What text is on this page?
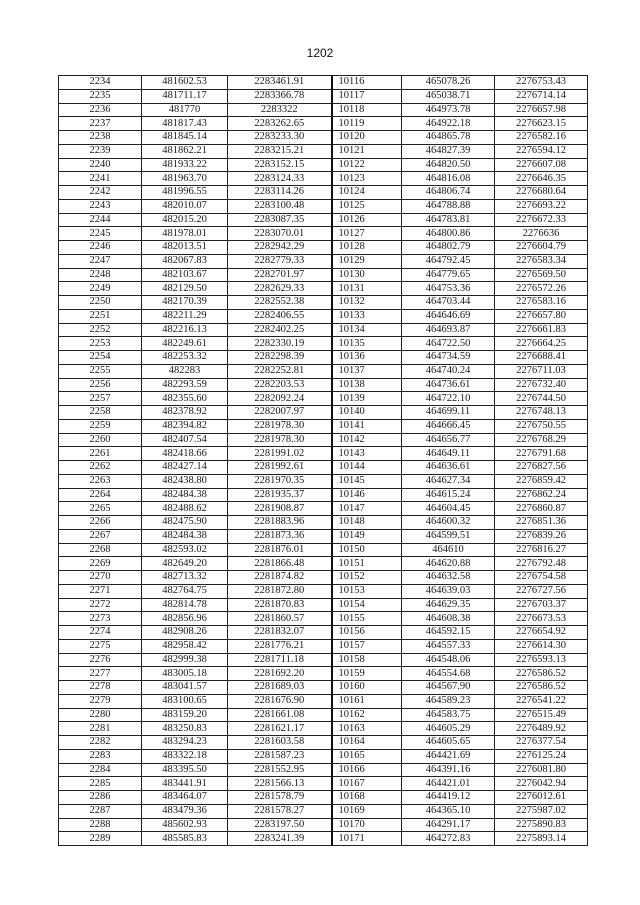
1202
2234	481602.53	2283461.91	10116	465078.26	2276753.43
2235	481711.17	2283366.78	10117	465038.71	2276714.14
2236	481770	2283322	10118	464973.78	2276657.98
2237	481817.43	2283262.65	10119	464922.18	2276623.15
2238	481845.14	2283233.30	10120	464865.78	2276582.16
2239	481862.21	2283215.21	10121	464827.39	2276594.12
2240	481933.22	2283152.15	10122	464820.50	2276607.08
2241	481963.70	2283124.33	10123	464816.08	2276646.35
2242	481996.55	2283114.26	10124	464806.74	2276680.64
2243	482010.07	2283100.48	10125	464788.88	2276693.22
2244	482015.20	2283087.35	10126	464783.81	2276672.33
2245	481978.01	2283070.01	10127	464800.86	2276636
2246	482013.51	2282942.29	10128	464802.79	2276604.79
2247	482067.83	2282779.33	10129	464792.45	2276583.34
2248	482103.67	2282701.97	10130	464779.65	2276569.50
2249	482129.50	2282629.33	10131	464753.36	2276572.26
2250	482170.39	2282552.38	10132	464703.44	2276583.16
2251	482211.29	2282406.55	10133	464646.69	2276657.80
2252	482216.13	2282402.25	10134	464693.87	2276661.83
2253	482249.61	2282330.19	10135	464722.50	2276664.25
2254	482253.32	2282298.39	10136	464734.59	2276688.41
2255	482283	2282252.81	10137	464740.24	2276711.03
2256	482293.59	2282203.53	10138	464736.61	2276732.40
2257	482355.60	2282092.24	10139	464722.10	2276744.50
2258	482378.92	2282007.97	10140	464699.11	2276748.13
2259	482394.82	2281978.30	10141	464666.45	2276750.55
2260	482407.54	2281978.30	10142	464656.77	2276768.29
2261	482418.66	2281991.02	10143	464649.11	2276791.68
2262	482427.14	2281992.61	10144	464636.61	2276827.56
2263	482438.80	2281970.35	10145	464627.34	2276859.42
2264	482484.38	2281935.37	10146	464615.24	2276862.24
2265	482488.62	2281908.87	10147	464604.45	2276860.87
2266	482475.90	2281883.96	10148	464600.32	2276851.36
2267	482484.38	2281873.36	10149	464599.51	2276839.26
2268	482593.02	2281876.01	10150	464610	2276816.27
2269	482649.20	2281866.48	10151	464620.88	2276792.48
2270	482713.32	2281874.82	10152	464632.58	2276754.58
2271	482764.75	2281872.80	10153	464639.03	2276727.56
2272	482814.78	2281870.83	10154	464629.35	2276703.37
2273	482856.96	2281860.57	10155	464608.38	2276673.53
2274	482908.26	2281832.07	10156	464592.15	2276654.92
2275	482958.42	2281776.21	10157	464557.33	2276614.30
2276	482999.38	2281711.18	10158	464548.06	2276593.13
2277	483005.18	2281692.20	10159	464554.68	2276586.52
2278	483041.57	2281689.03	10160	464567.90	2276586.52
2279	483100.65	2281676.90	10161	464589.23	2276541.22
2280	483159.20	2281661.08	10162	464583.75	2276515.49
2281	483250.83	2281621.17	10163	464605.29	2276489.92
2282	483294.23	2281603.58	10164	464605.65	2276377.54
2283	483322.18	2281587.23	10165	464421.69	2276125.24
2284	483395.50	2281552.95	10166	464391.16	2276081.80
2285	483441.91	2281566.13	10167	464421.01	2276042.94
2286	483464.07	2281578.79	10168	464419.12	2276012.61
2287	483479.36	2281578.27	10169	464365.10	2275987.02
2288	485602.93	2283197.50	10170	464291.17	2275890.83
2289	485585.83	2283241.39	10171	464272.83	2275893.14
